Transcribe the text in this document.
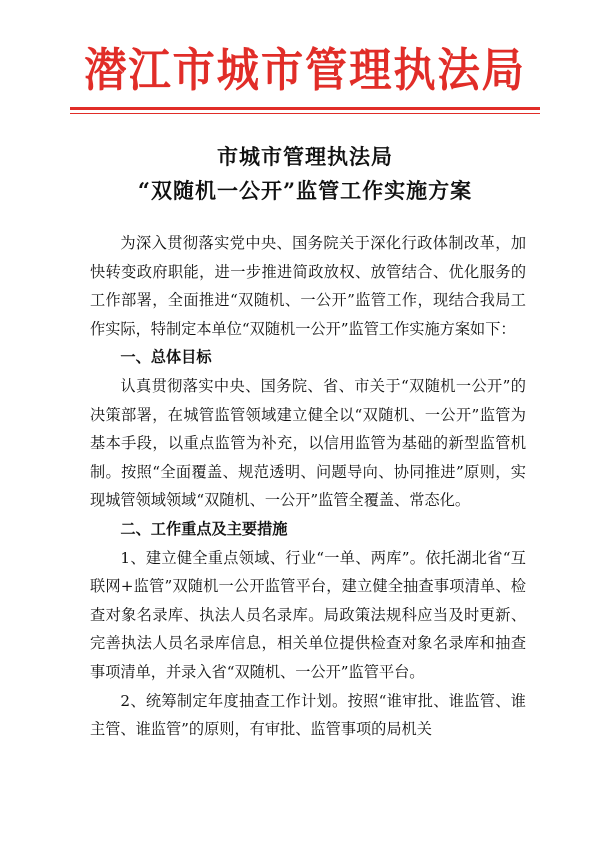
潜江市城市管理执法局
市城市管理执法局
“双随机一公开”监管工作实施方案

为深入贯彻落实党中央、国务院关于深化行政体制改革，加快转变政府职能，进一步推进简政放权、放管结合、优化服务的工作部署，全面推进“双随机、一公开”监管工作，现结合我局工作实际，特制定本单位“双随机一公开”监管工作实施方案如下：

一、总体目标

认真贯彻落实中央、国务院、省、市关于“双随机一公开”的决策部署，在城管监管领域建立健全以“双随机、一公开”监管为基本手段，以重点监管为补充，以信用监管为基础的新型监管机制。按照“全面覆盖、规范透明、问题导向、协同推进”原则，实现城管领域领域“双随机、一公开”监管全覆盖、常态化。

二、工作重点及主要措施

1、建立健全重点领域、行业“一单、两库”。依托湖北省“互联网+监管”双随机一公开监管平台，建立健全抽查事项清单、检查对象名录库、执法人员名录库。局政策法规科应当及时更新、完善执法人员名录库信息，相关单位提供检查对象名录库和抽查事项清单，并录入省“双随机、一公开”监管平台。

2、统筹制定年度抽查工作计划。按照“谁审批、谁监管、谁主管、谁监管”的原则，有审批、监管事项的局机关
